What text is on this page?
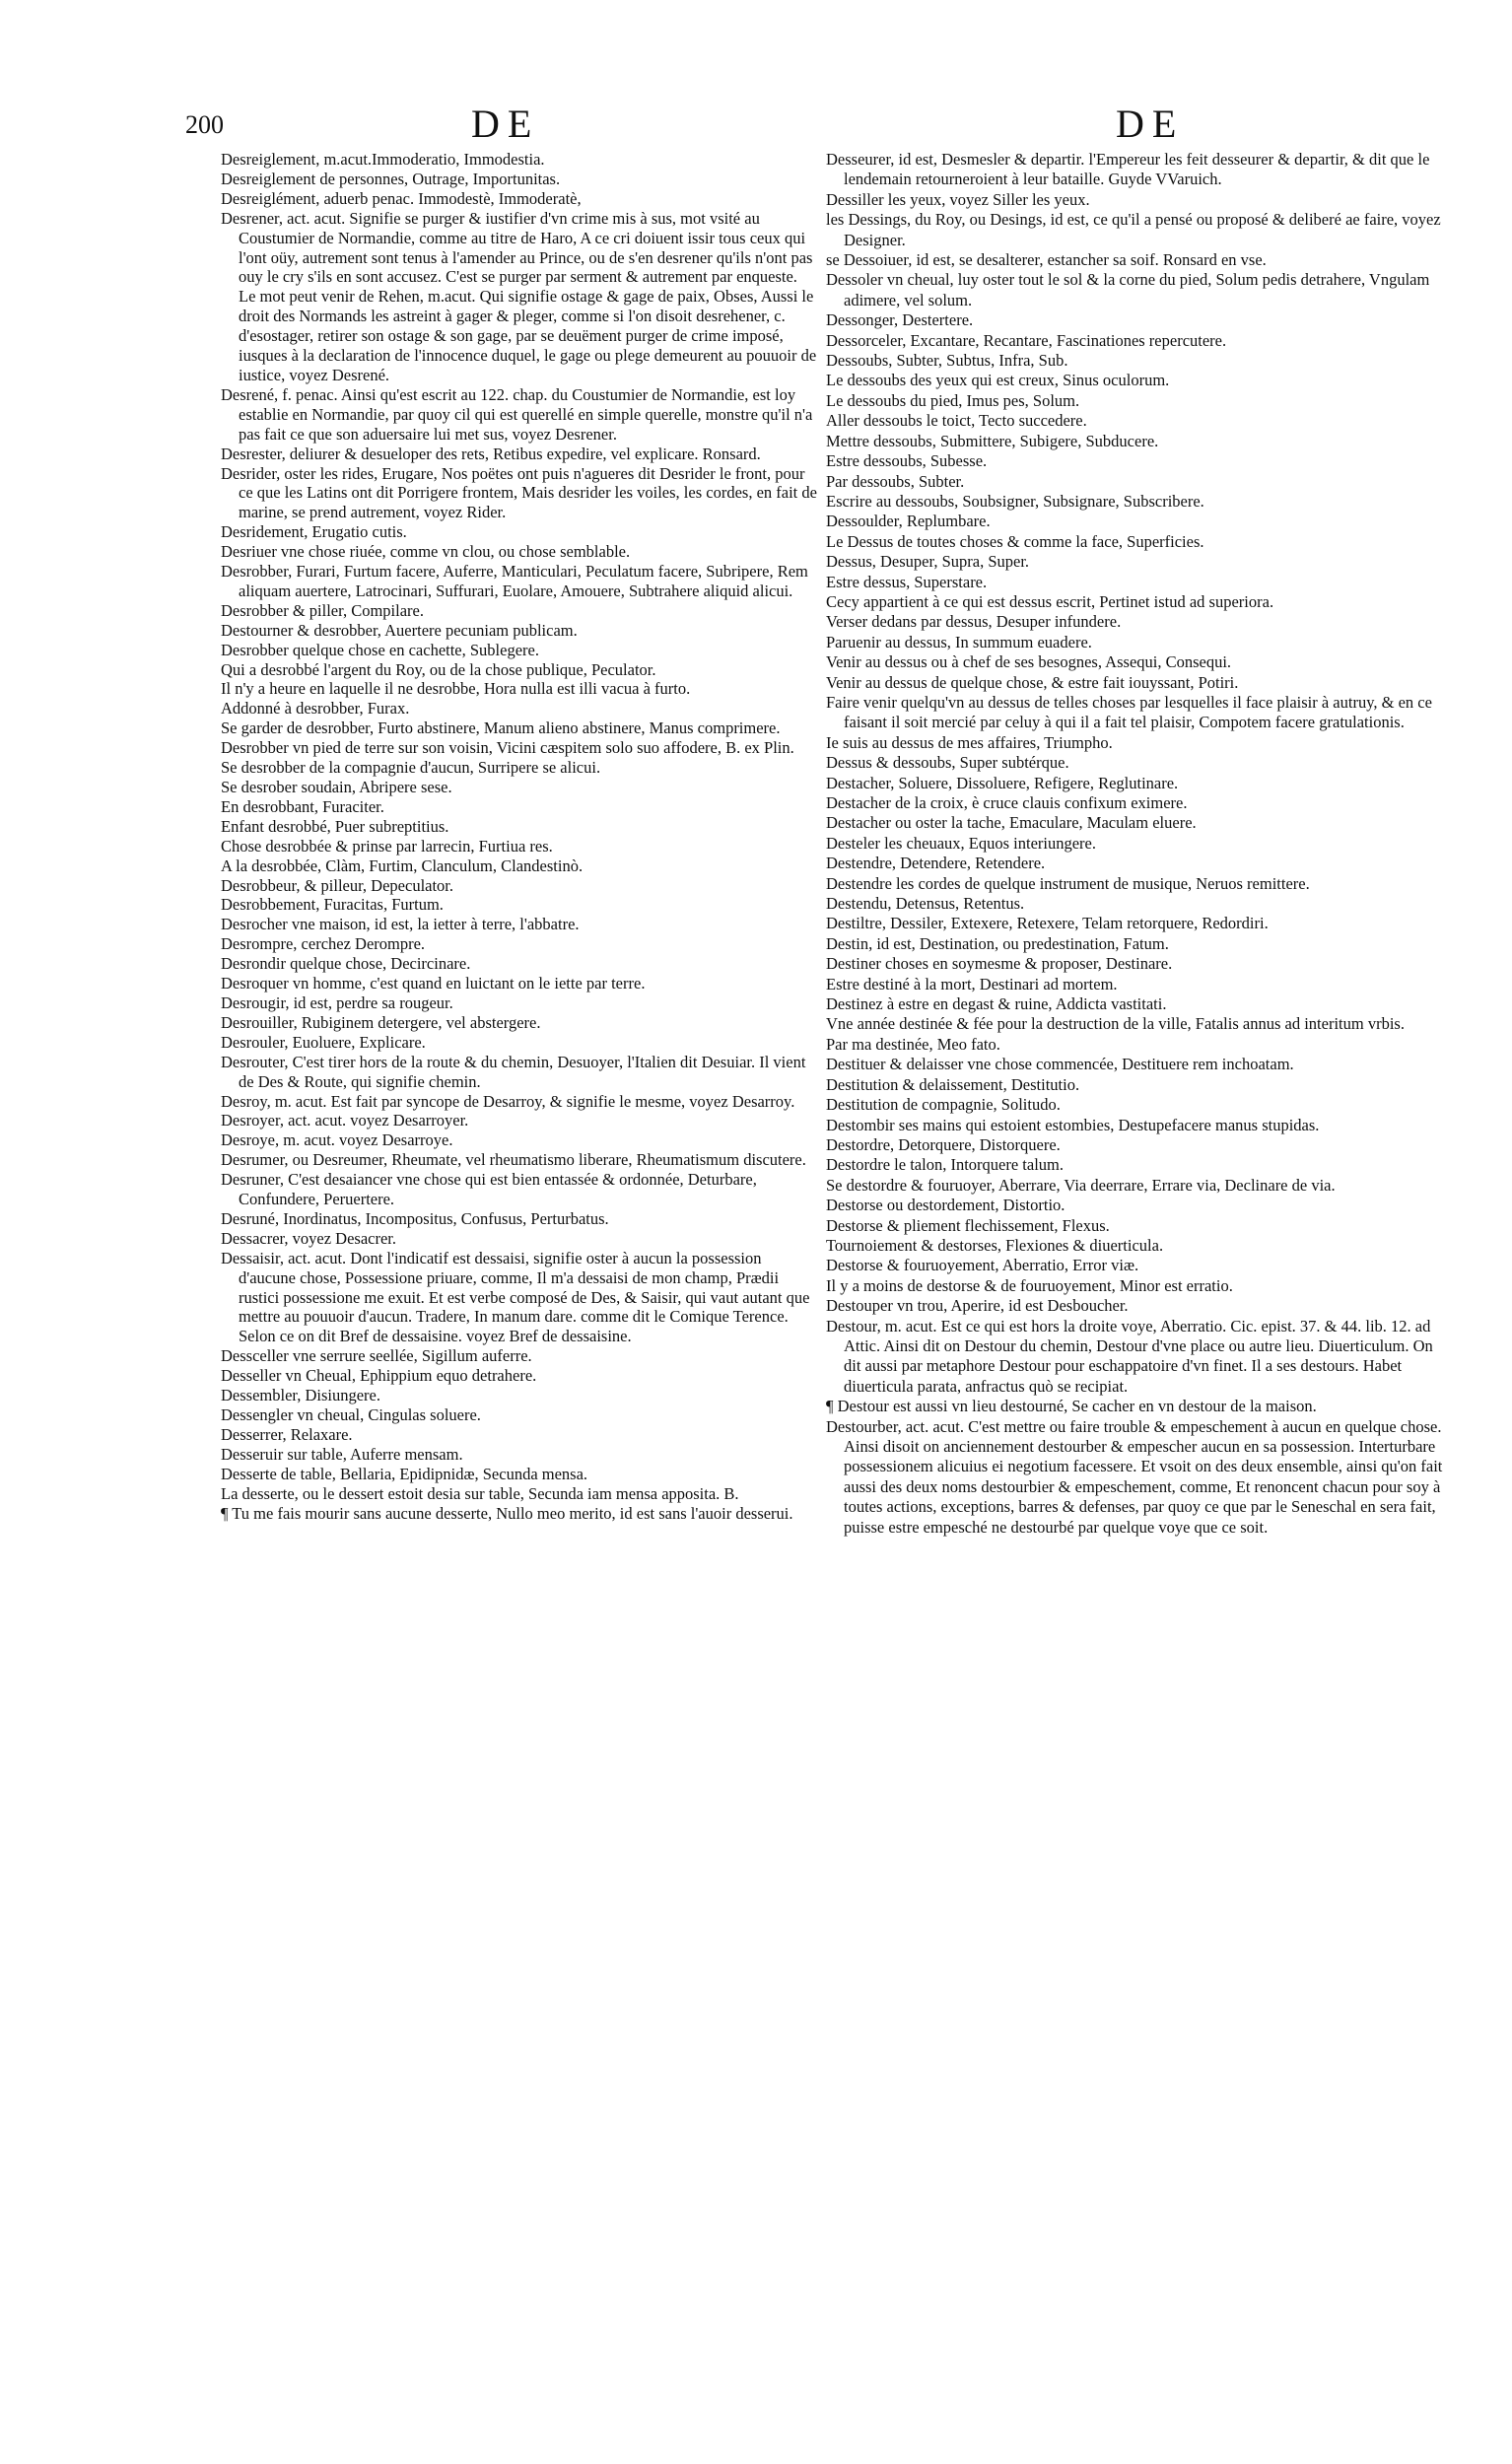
200	DE	DE

Desreiglement, m.acut.Immoderatio, Immodestia.

Desreiglement de personnes, Outrage, Importunitas.

Desreiglément, aduerb penac. Immodestè, Immoderatè,

Desrener, act. acut. Signifie se purger & iustifier d'vn crime mis à sus, mot vsité au Coustumier de Normandie, comme au titre de Haro, A ce cri doiuent issir tous ceux qui l'ont oüy, autrement sont tenus à l'amender au Prince, ou de s'en desrener qu'ils n'ont pas ouy le cry s'ils en sont accusez. C'est se purger par serment & autrement par enqueste. Le mot peut venir de Rehen, m.acut. Qui signifie ostage & gage de paix, Obses, Aussi le droit des Normands les astreint à gager & pleger, comme si l'on disoit desrehener, c. d'esostager, retirer son ostage & son gage, par se deuëment purger de crime imposé, iusques à la declaration de l'innocence duquel, le gage ou plege demeurent au pouuoir de iustice, voyez Desrené.

Desrené, f. penac. Ainsi qu'est escrit au 122. chap. du Coustumier de Normandie, est loy establie en Normandie, par quoy cil qui est querellé en simple querelle, monstre qu'il n'a pas fait ce que son aduersaire lui met sus, voyez Desrener.

Desrester, deliurer & desueloper des rets, Retibus expedire, vel explicare. Ronsard.

Desrider, oster les rides, Erugare, Nos poëtes ont puis n'agueres dit Desrider le front, pour ce que les Latins ont dit Porrigere frontem, Mais desrider les voiles, les cordes, en fait de marine, se prend autrement, voyez Rider.

Desridement, Erugatio cutis.

Desriuer vne chose riuée, comme vn clou, ou chose semblable.

Desrobber, Furari, Furtum facere, Auferre, Manticulari, Peculatum facere, Subripere, Rem aliquam auertere, Latrocinari, Suffurari, Euolare, Amouere, Subtrahere aliquid alicui.

Desrobber & piller, Compilare.

Destourner & desrobber, Auertere pecuniam publicam.

Desrobber quelque chose en cachette, Sublegere.

Qui a desrobbé l'argent du Roy, ou de la chose publique, Peculator.

Il n'y a heure en laquelle il ne desrobbe, Hora nulla est illi vacua à furto.

Addonné à desrobber, Furax.

Se garder de desrobber, Furto abstinere, Manum alieno abstinere, Manus comprimere.

Desrobber vn pied de terre sur son voisin, Vicini cæspitem solo suo affodere, B. ex Plin.

Se desrobber de la compagnie d'aucun, Surripere se alicui.

Se desrober soudain, Abripere sese.

En desrobbant, Furaciter.

Enfant desrobbé, Puer subreptitius.

Chose desrobbée & prinse par larrecin, Furtiua res.

A la desrobbée, Clàm, Furtim, Clanculum, Clandestinò.

Desrobbeur, & pilleur, Depeculator.

Desrobbement, Furacitas, Furtum.

Desrocher vne maison, id est, la ietter à terre, l'abbatre.

Desrompre, cerchez Derompre.

Desrondir quelque chose, Decircinare.

Desroquer vn homme, c'est quand en luictant on le iette par terre.

Desrougir, id est, perdre sa rougeur.

Desrouiller, Rubiginem detergere, vel abstergere.

Desrouler, Euoluere, Explicare.

Desrouter, C'est tirer hors de la route & du chemin, Desuoyer, l'Italien dit Desuiar. Il vient de Des & Route, qui signifie chemin.

Desroy, m. acut. Est fait par syncope de Desarroy, & signifie le mesme, voyez Desarroy.

Desroyer, act. acut. voyez Desarroyer.

Desroye, m. acut. voyez Desarroye.

Desrumer, ou Desreumer, Rheumate, vel rheumatismo liberare, Rheumatismum discutere.

Desruner, C'est desaiancer vne chose qui est bien entassée & ordonnée, Deturbare, Confundere, Peruertere.

Desruné, Inordinatus, Incompositus, Confusus, Perturbatus.

Dessacrer, voyez Desacrer.

Dessaisir, act. acut. Dont l'indicatif est dessaisi, signifie oster à aucun la possession d'aucune chose, Possessione priuare, comme, Il m'a dessaisi de mon champ, Prædii rustici possessione me exuit. Et est verbe composé de Des, & Saisir, qui vaut autant que mettre au pouuoir d'aucun. Tradere, In manum dare. comme dit le Comique Terence. Selon ce on dit Bref de dessaisine. voyez Bref de dessaisine.

Dessceller vne serrure seellée, Sigillum auferre.

Desseller vn Cheual, Ephippium equo detrahere.

Dessembler, Disiungere.

Dessengler vn cheual, Cingulas soluere.

Desserrer, Relaxare.

Desseruir sur table, Auferre mensam.

Desserte de table, Bellaria, Epidipnidæ, Secunda mensa.

La desserte, ou le dessert estoit desia sur table, Secunda iam mensa apposita. B.

¶ Tu me fais mourir sans aucune desserte, Nullo meo merito, id est sans l'auoir desserui.

Desseurer, id est, Desmesler & departir. l'Empereur les feit desseurer & departir, & dit que le lendemain retourneroient à leur bataille. Guyde VVaruich.

Dessiller les yeux, voyez Siller les yeux.

les Dessings, du Roy, ou Desings, id est, ce qu'il a pensé ou proposé & deliberé ae faire, voyez Designer.

se Dessoiuer, id est, se desalterer, estancher sa soif. Ronsard en vse.

Dessoler vn cheual, luy oster tout le sol & la corne du pied, Solum pedis detrahere, Vngulam adimere, vel solum.

Dessonger, Destertere.

Dessorceler, Excantare, Recantare, Fascinationes repercutere.

Dessoubs, Subter, Subtus, Infra, Sub.

Le dessoubs des yeux qui est creux, Sinus oculorum.

Le dessoubs du pied, Imus pes, Solum.

Aller dessoubs le toict, Tecto succedere.

Mettre dessoubs, Submittere, Subigere, Subducere.

Estre dessoubs, Subesse.

Par dessoubs, Subter.

Escrire au dessoubs, Soubsigner, Subsignare, Subscribere.

Dessoulder, Replumbare.

Le Dessus de toutes choses & comme la face, Superficies.

Dessus, Desuper, Supra, Super.

Estre dessus, Superstare.

Cecy appartient à ce qui est dessus escrit, Pertinet istud ad superiora.

Verser dedans par dessus, Desuper infundere.

Paruenir au dessus, In summum euadere.

Venir au dessus ou à chef de ses besognes, Assequi, Consequi.

Venir au dessus de quelque chose, & estre fait iouyssant, Potiri.

Faire venir quelqu'vn au dessus de telles choses par lesquelles il face plaisir à autruy, & en ce faisant il soit mercié par celuy à qui il a fait tel plaisir, Compotem facere gratulationis.

Ie suis au dessus de mes affaires, Triumpho.

Dessus & dessoubs, Super subtérque.

Destacher, Soluere, Dissoluere, Refigere, Reglutinare.

Destacher de la croix, è cruce clauis confixum eximere.

Destacher ou oster la tache, Emaculare, Maculam eluere.

Desteler les cheuaux, Equos interiungere.

Destendre, Detendere, Retendere.

Destendre les cordes de quelque instrument de musique, Neruos remittere.

Destendu, Detensus, Retentus.

Destiltre, Dessiler, Extexere, Retexere, Telam retorquere, Redordiri.

Destin, id est, Destination, ou predestination, Fatum.

Destiner choses en soymesme & proposer, Destinare.

Estre destiné à la mort, Destinari ad mortem.

Destinez à estre en degast & ruine, Addicta vastitati.

Vne année destinée & fée pour la destruction de la ville, Fatalis annus ad interitum vrbis.

Par ma destinée, Meo fato.

Destituer & delaisser vne chose commencée, Destituere rem inchoatam.

Destitution & delaissement, Destitutio.

Destitution de compagnie, Solitudo.

Destombir ses mains qui estoient estombies, Destupefacere manus stupidas.

Destordre, Detorquere, Distorquere.

Destordre le talon, Intorquere talum.

Se destordre & fouruoyer, Aberrare, Via deerrare, Errare via, Declinare de via.

Destorse ou destordement, Distortio.

Destorse & pliement flechissement, Flexus.

Tournoiement & destorses, Flexiones & diuerticula.

Destorse & fouruoyement, Aberratio, Error viæ.

Il y a moins de destorse & de fouruoyement, Minor est erratio.

Destouper vn trou, Aperire, id est Desboucher.

Destour, m. acut. Est ce qui est hors la droite voye, Aberratio. Cic. epist. 37. & 44. lib. 12. ad Attic. Ainsi dit on Destour du chemin, Destour d'vne place ou autre lieu. Diuerticulum. On dit aussi par metaphore Destour pour eschappatoire d'vn finet. Il a ses destours. Habet diuerticula parata, anfractus quò se recipiat.

¶ Destour est aussi vn lieu destourné, Se cacher en vn destour de la maison.

Destourber, act. acut. C'est mettre ou faire trouble & empeschement à aucun en quelque chose. Ainsi disoit on anciennement destourber & empescher aucun en sa possession. Interturbare possessionem alicuius ei negotium facessere. Et vsoit on des deux ensemble, ainsi qu'on fait aussi des deux noms destourbier & empeschement, comme, Et renoncent chacun pour soy à toutes actions, exceptions, barres & defenses, par quoy ce que par le Seneschal en sera fait, puisse estre empesché ne destourbé par quelque voye que ce soit.
